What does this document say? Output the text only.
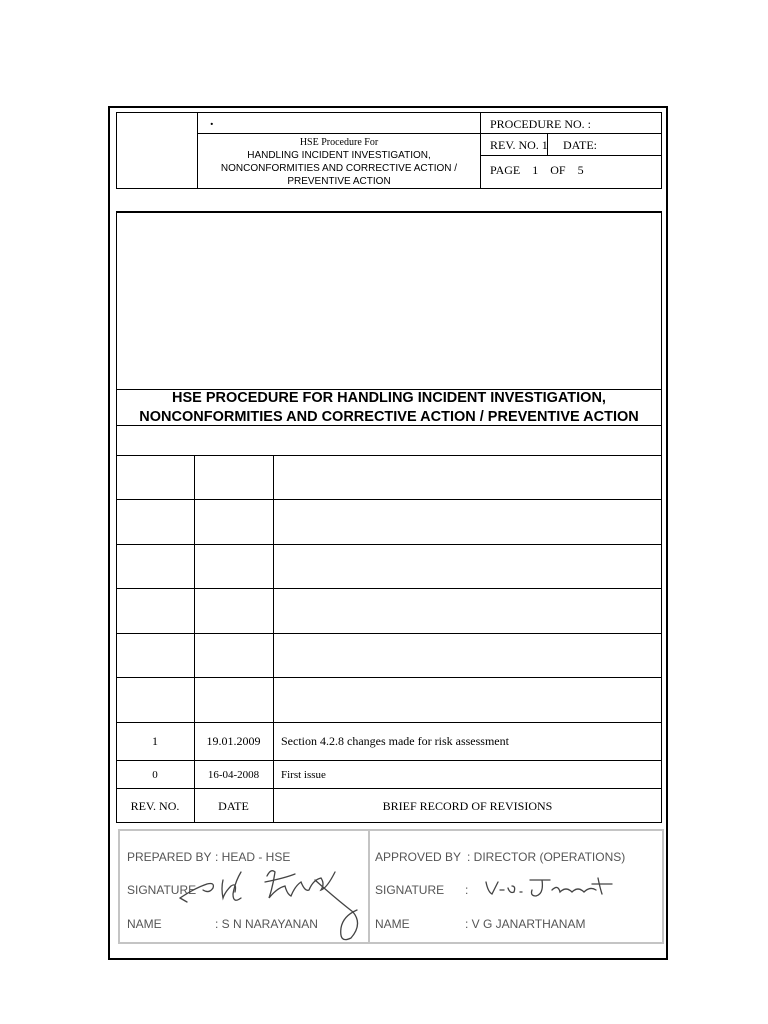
.
HSE Procedure For
HANDLING INCIDENT INVESTIGATION,
NONCONFORMITIES AND CORRECTIVE ACTION /
PREVENTIVE ACTION
PROCEDURE NO. :
REV. NO. 1 DATE:
PAGE 1 OF 5
HSE PROCEDURE FOR HANDLING INCIDENT INVESTIGATION,
NONCONFORMITIES AND CORRECTIVE ACTION / PREVENTIVE ACTION
1	19.01.2009	Section 4.2.8 changes made for risk assessment
0	16-04-2008	First issue
REV. NO.	DATE	BRIEF RECORD OF REVISIONS
PREPARED BY : HEAD - HSE
SIGNATURE
NAME	: S N NARAYANAN
APPROVED BY : DIRECTOR (OPERATIONS)
SIGNATURE :
NAME	: V G JANARTHANAM
